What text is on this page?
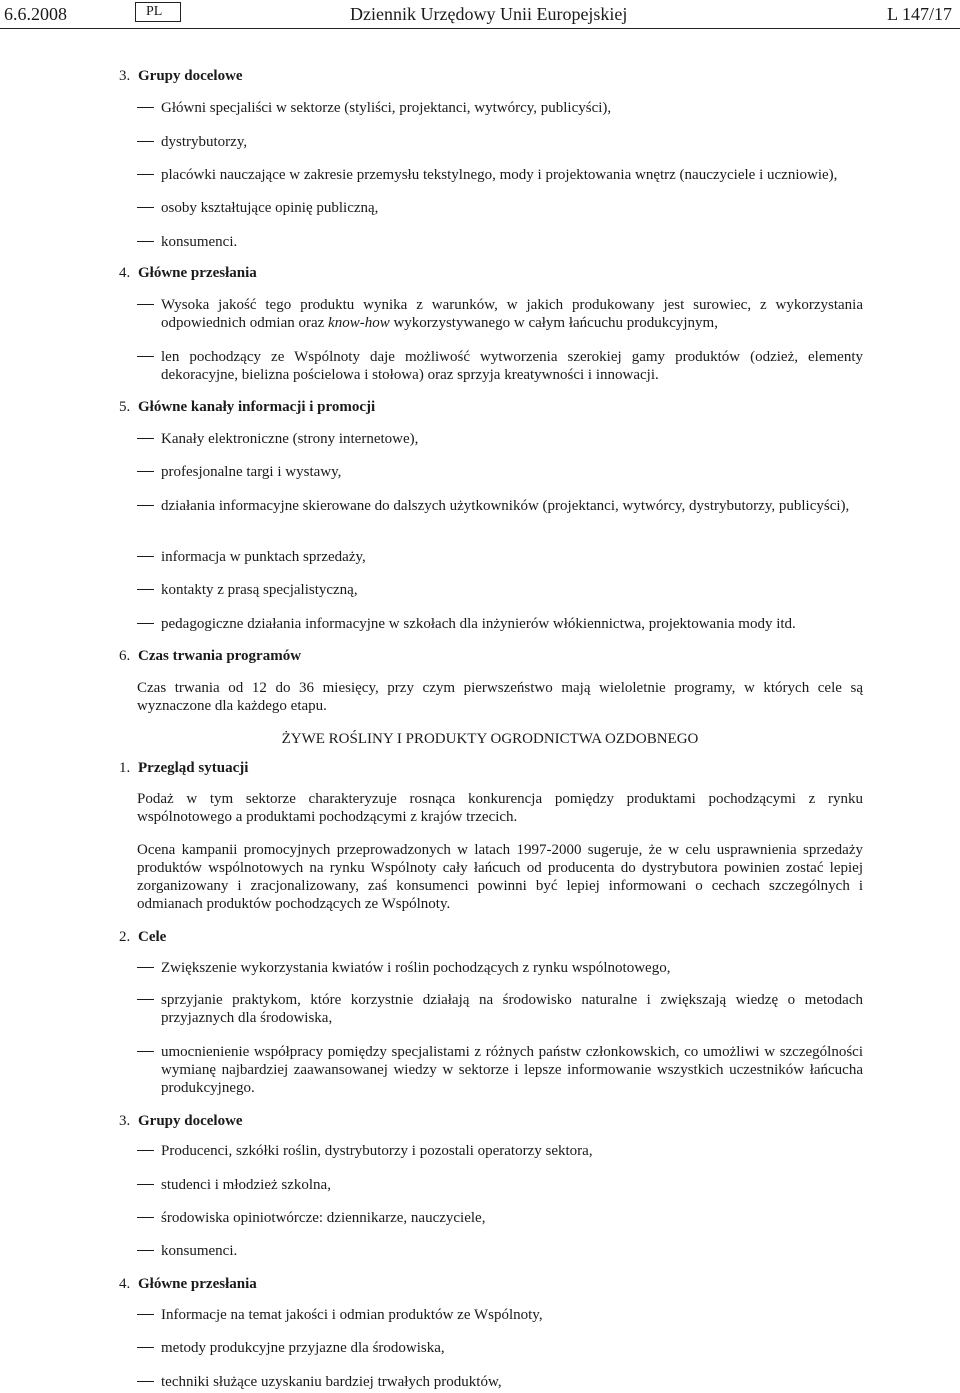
6.6.2008	PL	Dziennik Urzędowy Unii Europejskiej	L 147/17
3. Grupy docelowe
Główni specjaliści w sektorze (styliści, projektanci, wytwórcy, publicyści),
dystrybutorzy,
placówki nauczające w zakresie przemysłu tekstylnego, mody i projektowania wnętrz (nauczyciele i uczniowie),
osoby kształtujące opinię publiczną,
konsumenci.
4. Główne przesłania
Wysoka jakość tego produktu wynika z warunków, w jakich produkowany jest surowiec, z wykorzystania odpowiednich odmian oraz know-how wykorzystywanego w całym łańcuchu produkcyjnym,
len pochodzący ze Wspólnoty daje możliwość wytworzenia szerokiej gamy produktów (odzież, elementy dekoracyjne, bielizna pościelowa i stołowa) oraz sprzyja kreatywności i innowacji.
5. Główne kanały informacji i promocji
Kanały elektroniczne (strony internetowe),
profesjonalne targi i wystawy,
działania informacyjne skierowane do dalszych użytkowników (projektanci, wytwórcy, dystrybutorzy, publicyści),
informacja w punktach sprzedaży,
kontakty z prasą specjalistyczną,
pedagogiczne działania informacyjne w szkołach dla inżynierów włókiennictwa, projektowania mody itd.
6. Czas trwania programów

Czas trwania od 12 do 36 miesięcy, przy czym pierwszeństwo mają wieloletnie programy, w których cele są wyznaczone dla każdego etapu.

ŻYWE ROŚLINY I PRODUKTY OGRODNICTWA OZDOBNEGO
1. Przegląd sytuacji

Podaż w tym sektorze charakteryzuje rosnąca konkurencja pomiędzy produktami pochodzącymi z rynku wspólnotowego a produktami pochodzącymi z krajów trzecich.

Ocena kampanii promocyjnych przeprowadzonych w latach 1997-2000 sugeruje, że w celu usprawnienia sprzedaży produktów wspólnotowych na rynku Wspólnoty cały łańcuch od producenta do dystrybutora powinien zostać lepiej zorganizowany i zracjonalizowany, zaś konsumenci powinni być lepiej informowani o cechach szczególnych i odmianach produktów pochodzących ze Wspólnoty.

2. Cele
Zwiększenie wykorzystania kwiatów i roślin pochodzących z rynku wspólnotowego,
sprzyjanie praktykom, które korzystnie działają na środowisko naturalne i zwiększają wiedzę o metodach przyjaznych dla środowiska,
umocnienienie współpracy pomiędzy specjalistami z różnych państw członkowskich, co umożliwi w szczególności wymianę najbardziej zaawansowanej wiedzy w sektorze i lepsze informowanie wszystkich uczestników łańcucha produkcyjnego.
3. Grupy docelowe
Producenci, szkółki roślin, dystrybutorzy i pozostali operatorzy sektora,
studenci i młodzież szkolna,
środowiska opiniotwórcze: dziennikarze, nauczyciele,
konsumenci.
4. Główne przesłania
Informacje na temat jakości i odmian produktów ze Wspólnoty,
metody produkcyjne przyjazne dla środowiska,
techniki służące uzyskaniu bardziej trwałych produktów,
